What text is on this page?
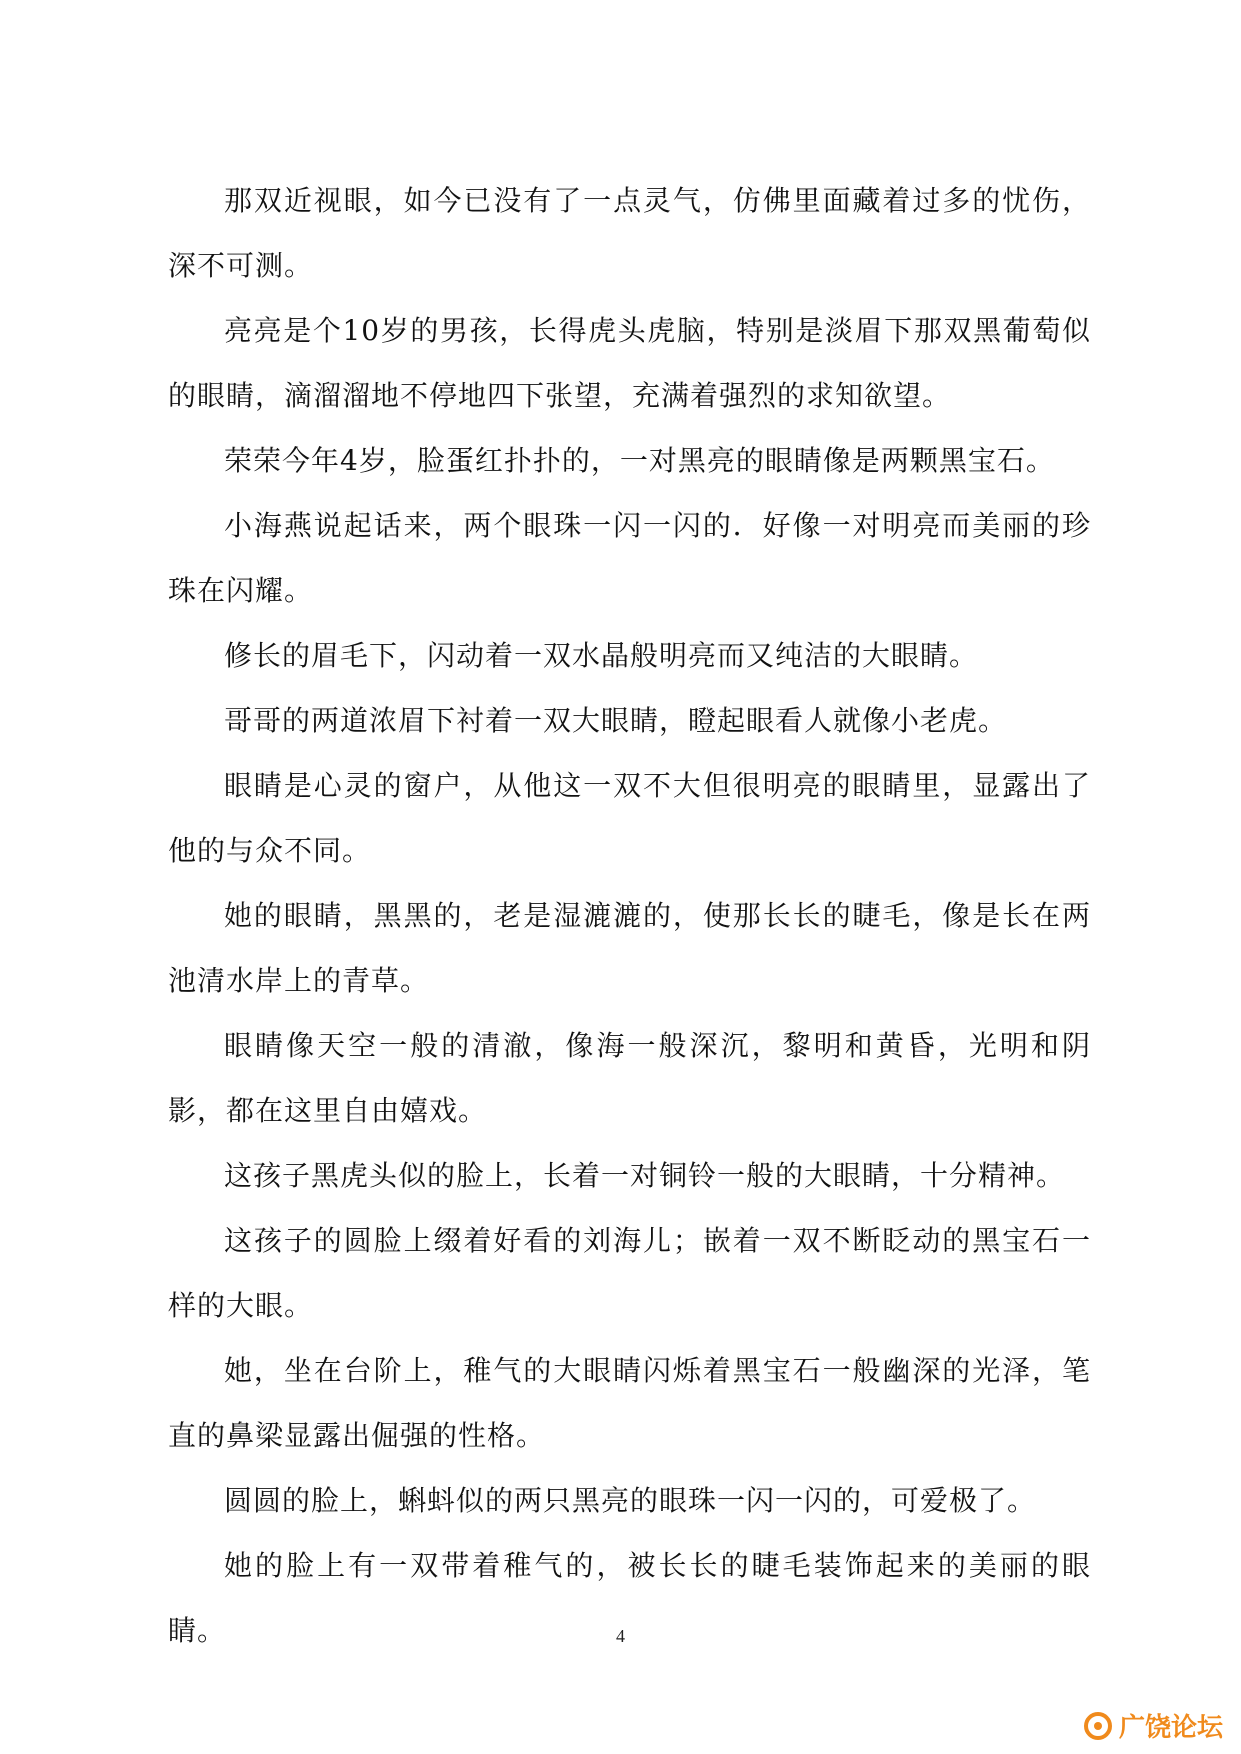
那双近视眼，如今已没有了一点灵气，仿佛里面藏着过多的忧伤，深不可测。

亮亮是个10岁的男孩，长得虎头虎脑，特别是淡眉下那双黑葡萄似的眼睛，滴溜溜地不停地四下张望，充满着强烈的求知欲望。

荣荣今年4岁，脸蛋红扑扑的，一对黑亮的眼睛像是两颗黑宝石。

小海燕说起话来，两个眼珠一闪一闪的．好像一对明亮而美丽的珍珠在闪耀。

修长的眉毛下，闪动着一双水晶般明亮而又纯洁的大眼睛。

哥哥的两道浓眉下衬着一双大眼睛，瞪起眼看人就像小老虎。

眼睛是心灵的窗户，从他这一双不大但很明亮的眼睛里，显露出了他的与众不同。

她的眼睛，黑黑的，老是湿漉漉的，使那长长的睫毛，像是长在两池清水岸上的青草。

眼睛像天空一般的清澈，像海一般深沉，黎明和黄昏，光明和阴影，都在这里自由嬉戏。

这孩子黑虎头似的脸上，长着一对铜铃一般的大眼睛，十分精神。

这孩子的圆脸上缀着好看的刘海儿；嵌着一双不断眨动的黑宝石一样的大眼。

她，坐在台阶上，稚气的大眼睛闪烁着黑宝石一般幽深的光泽，笔直的鼻梁显露出倔强的性格。

圆圆的脸上，蝌蚪似的两只黑亮的眼珠一闪一闪的，可爱极了。

她的脸上有一双带着稚气的，被长长的睫毛装饰起来的美丽的眼睛。	4
广饶论坛
